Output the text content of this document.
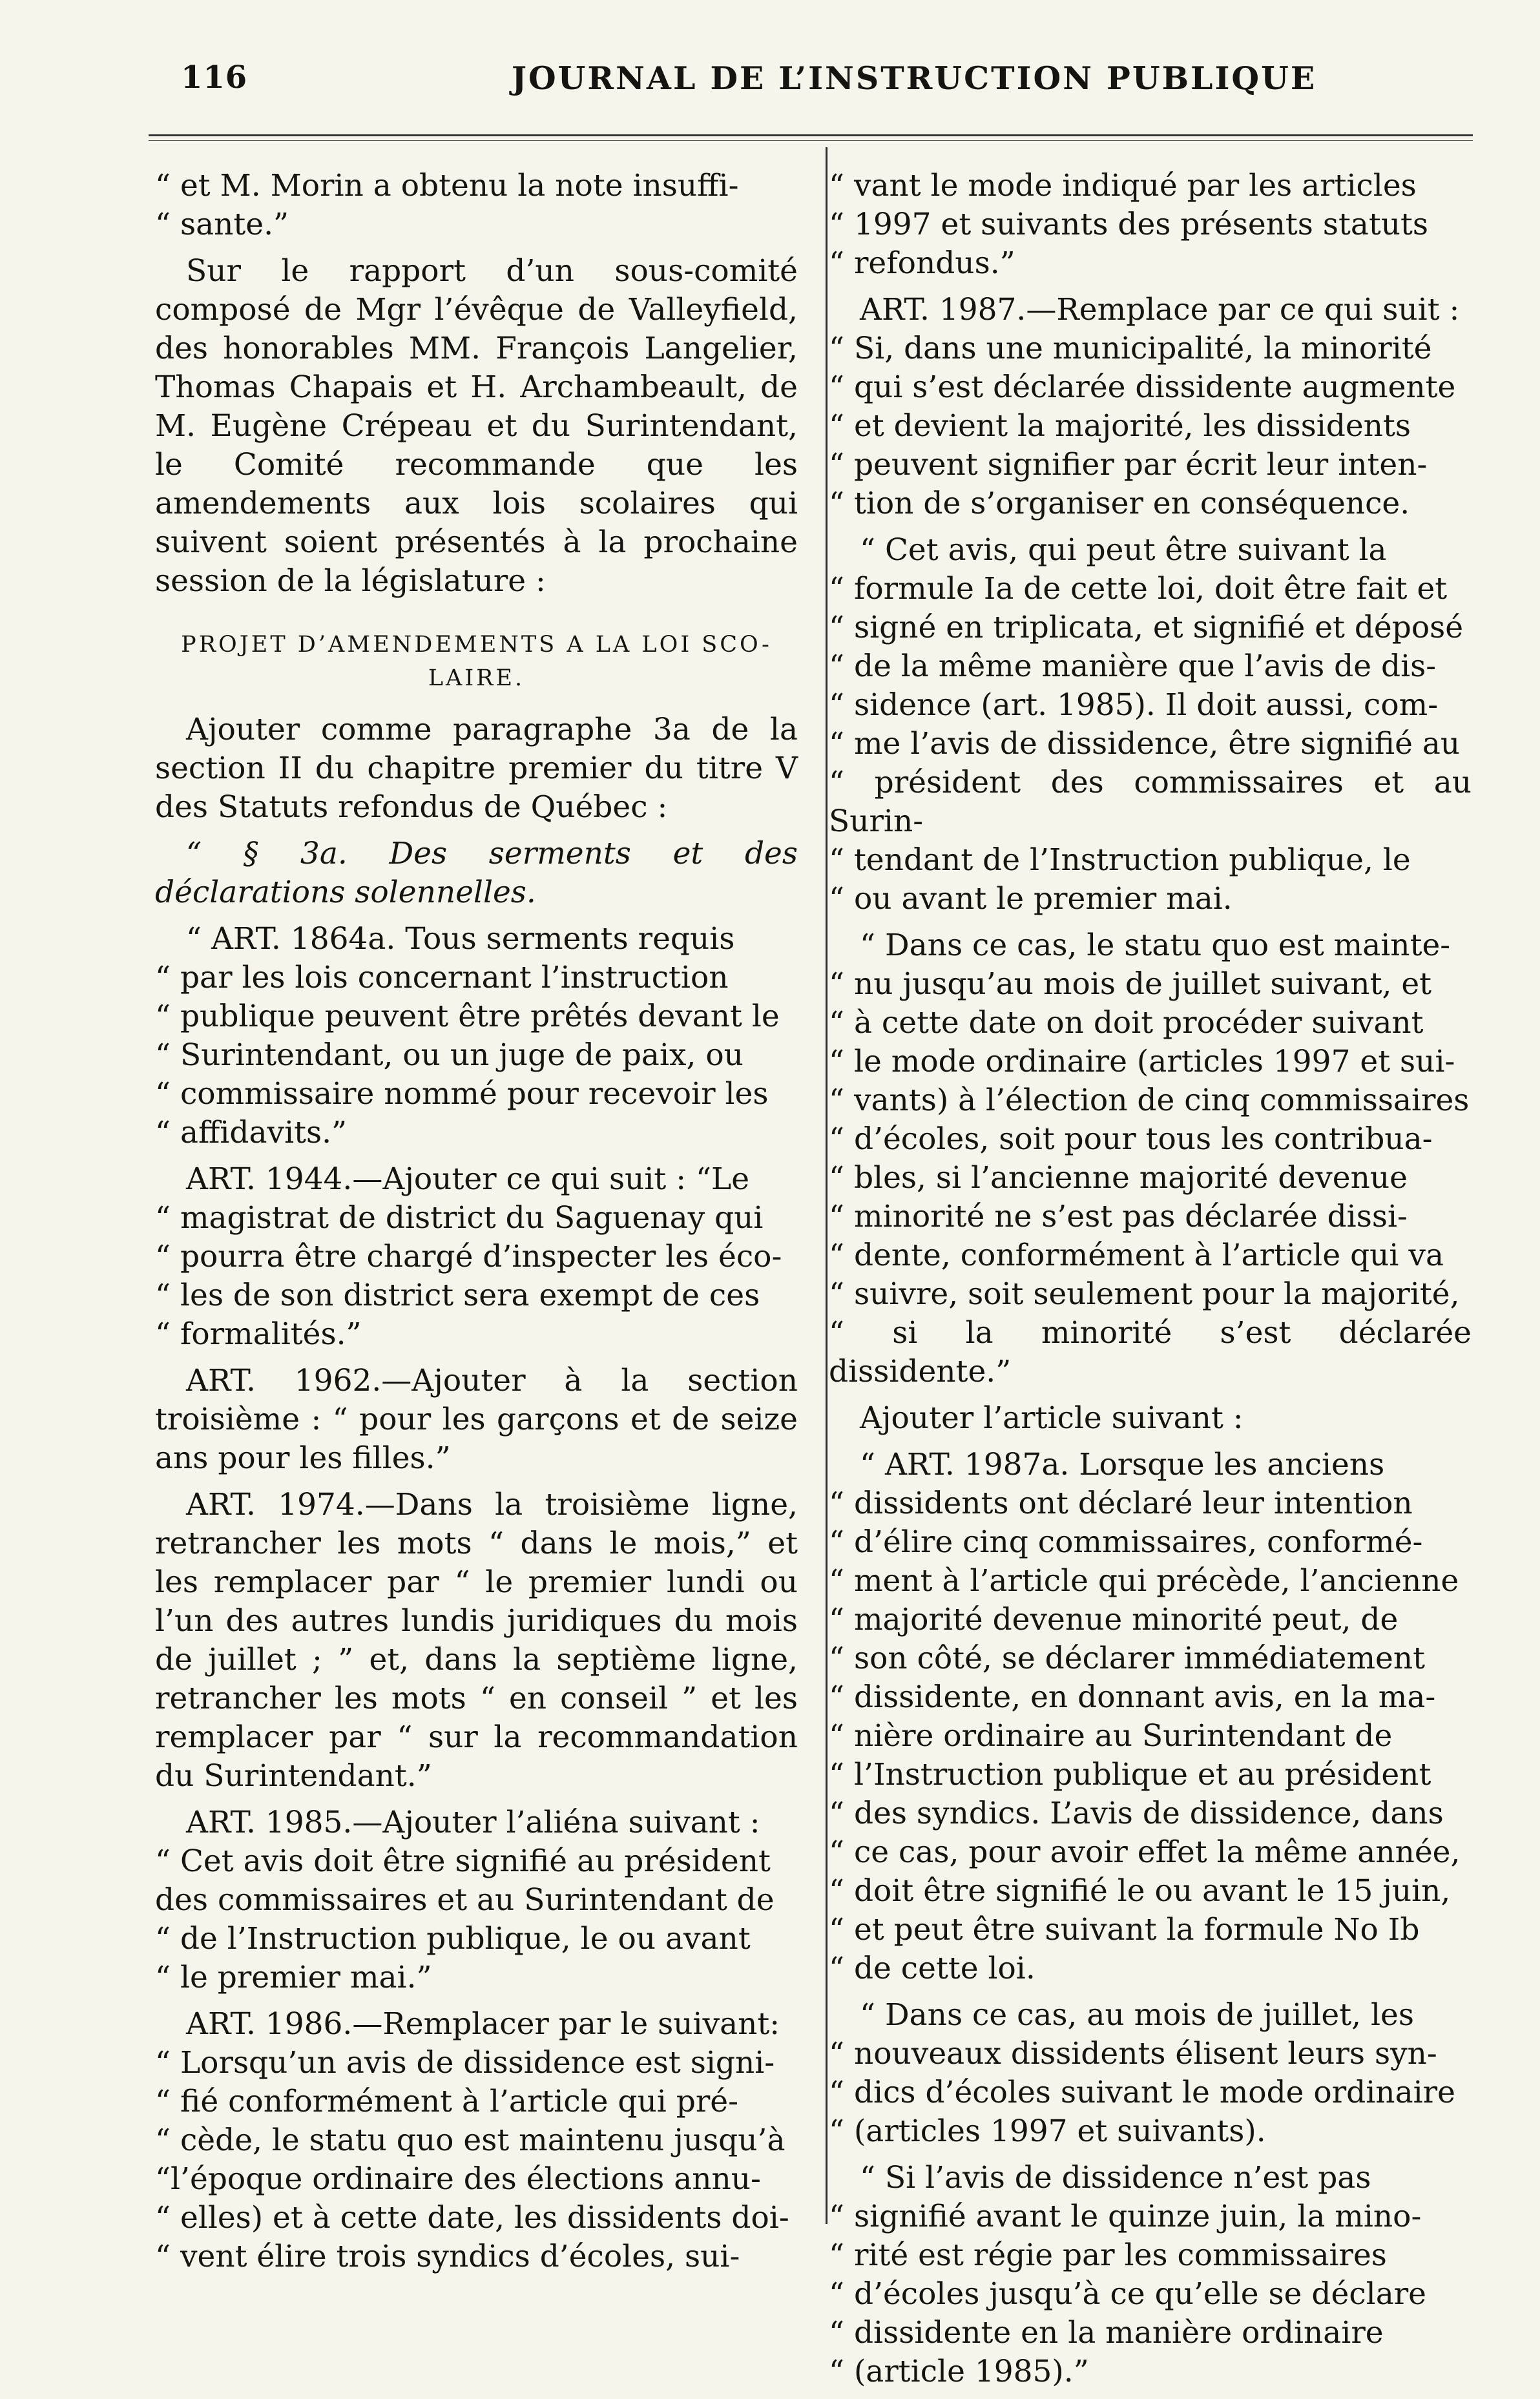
116	JOURNAL DE L’INSTRUCTION PUBLIQUE

“ et M. Morin a obtenu la note insuffi-
“ sante.”

Sur le rapport d’un sous-comité composé de Mgr l’évêque de Valleyfield, des honorables MM. François Langelier, Thomas Chapais et H. Archambeault, de M. Eugène Crépeau et du Surintendant, le Comité recommande que les amendements aux lois scolaires qui suivent soient présentés à la prochaine session de la législature :

PROJET D’AMENDEMENTS A LA LOI SCO-
LAIRE.

Ajouter comme paragraphe 3a de la section II du chapitre premier du titre V des Statuts refondus de Québec :

“ § 3a. Des serments et des déclarations solennelles.

“ ART. 1864a. Tous serments requis
“ par les lois concernant l’instruction
“ publique peuvent être prêtés devant le
“ Surintendant, ou un juge de paix, ou
“ commissaire nommé pour recevoir les
“ affidavits.”

ART. 1944.—Ajouter ce qui suit : “Le
“ magistrat de district du Saguenay qui
“ pourra être chargé d’inspecter les éco-
“ les de son district sera exempt de ces
“ formalités.”

ART. 1962.—Ajouter à la section troisième : “ pour les garçons et de seize ans pour les filles.”

ART. 1974.—Dans la troisième ligne, retrancher les mots “ dans le mois,” et les remplacer par “ le premier lundi ou l’un des autres lundis juridiques du mois de juillet ; ” et, dans la septième ligne, retrancher les mots “ en conseil ” et les remplacer par “ sur la recommandation du Surintendant.”

ART. 1985.—Ajouter l’aliéna suivant :
“ Cet avis doit être signifié au président
des commissaires et au Surintendant de
“ de l’Instruction publique, le ou avant
“ le premier mai.”

ART. 1986.—Remplacer par le suivant:
“ Lorsqu’un avis de dissidence est signi-
“ fié conformément à l’article qui pré-
“ cède, le statu quo est maintenu jusqu’à
“l’époque ordinaire des élections annu-
“ elles) et à cette date, les dissidents doi-
“ vent élire trois syndics d’écoles, sui-

“ vant le mode indiqué par les articles
“ 1997 et suivants des présents statuts
“ refondus.”

ART. 1987.—Remplace par ce qui suit :
“ Si, dans une municipalité, la minorité
“ qui s’est déclarée dissidente augmente
“ et devient la majorité, les dissidents
“ peuvent signifier par écrit leur inten-
“ tion de s’organiser en conséquence.

“ Cet avis, qui peut être suivant la
“ formule Ia de cette loi, doit être fait et
“ signé en triplicata, et signifié et déposé
“ de la même manière que l’avis de dis-
“ sidence (art. 1985). Il doit aussi, com-
“ me l’avis de dissidence, être signifié au
“ président des commissaires et au Surin-
“ tendant de l’Instruction publique, le
“ ou avant le premier mai.

“ Dans ce cas, le statu quo est mainte-
“ nu jusqu’au mois de juillet suivant, et
“ à cette date on doit procéder suivant
“ le mode ordinaire (articles 1997 et sui-
“ vants) à l’élection de cinq commissaires
“ d’écoles, soit pour tous les contribua-
“ bles, si l’ancienne majorité devenue
“ minorité ne s’est pas déclarée dissi-
“ dente, conformément à l’article qui va
“ suivre, soit seulement pour la majorité,
“ si la minorité s’est déclarée dissidente.”

Ajouter l’article suivant :

“ ART. 1987a. Lorsque les anciens
“ dissidents ont déclaré leur intention
“ d’élire cinq commissaires, conformé-
“ ment à l’article qui précède, l’ancienne
“ majorité devenue minorité peut, de
“ son côté, se déclarer immédiatement
“ dissidente, en donnant avis, en la ma-
“ nière ordinaire au Surintendant de
“ l’Instruction publique et au président
“ des syndics. L’avis de dissidence, dans
“ ce cas, pour avoir effet la même année,
“ doit être signifié le ou avant le 15 juin,
“ et peut être suivant la formule No Ib
“ de cette loi.

“ Dans ce cas, au mois de juillet, les
“ nouveaux dissidents élisent leurs syn-
“ dics d’écoles suivant le mode ordinaire
“ (articles 1997 et suivants).

“ Si l’avis de dissidence n’est pas
“ signifié avant le quinze juin, la mino-
“ rité est régie par les commissaires
“ d’écoles jusqu’à ce qu’elle se déclare
“ dissidente en la manière ordinaire
“ (article 1985).”
